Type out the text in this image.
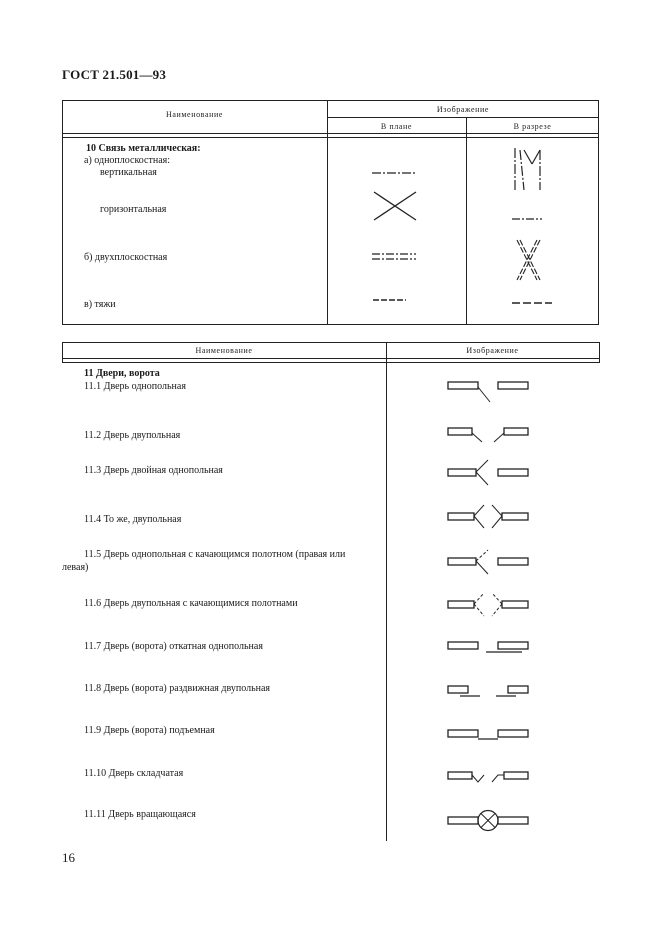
ГОСТ 21.501—93
Наименование
Изображение
В плане	В разрезе
10 Связь металлическая:
а) одноплоскостная:
вертикальная
горизонтальная
б) двухплоскостная
в) тяжи
Наименование	Изображение
11 Двери, ворота
11.1 Дверь однопольная
11.2 Дверь двупольная
11.3 Дверь двойная однопольная
11.4 То же, двупольная
11.5 Дверь однопольная с качающимся полотном (правая или
левая)
11.6 Дверь двупольная с качающимися полотнами
11.7 Дверь (ворота) откатная однопольная
11.8 Дверь (ворота) раздвижная двупольная
11.9 Дверь (ворота) подъемная
11.10 Дверь складчатая
11.11 Дверь вращающаяся
16
